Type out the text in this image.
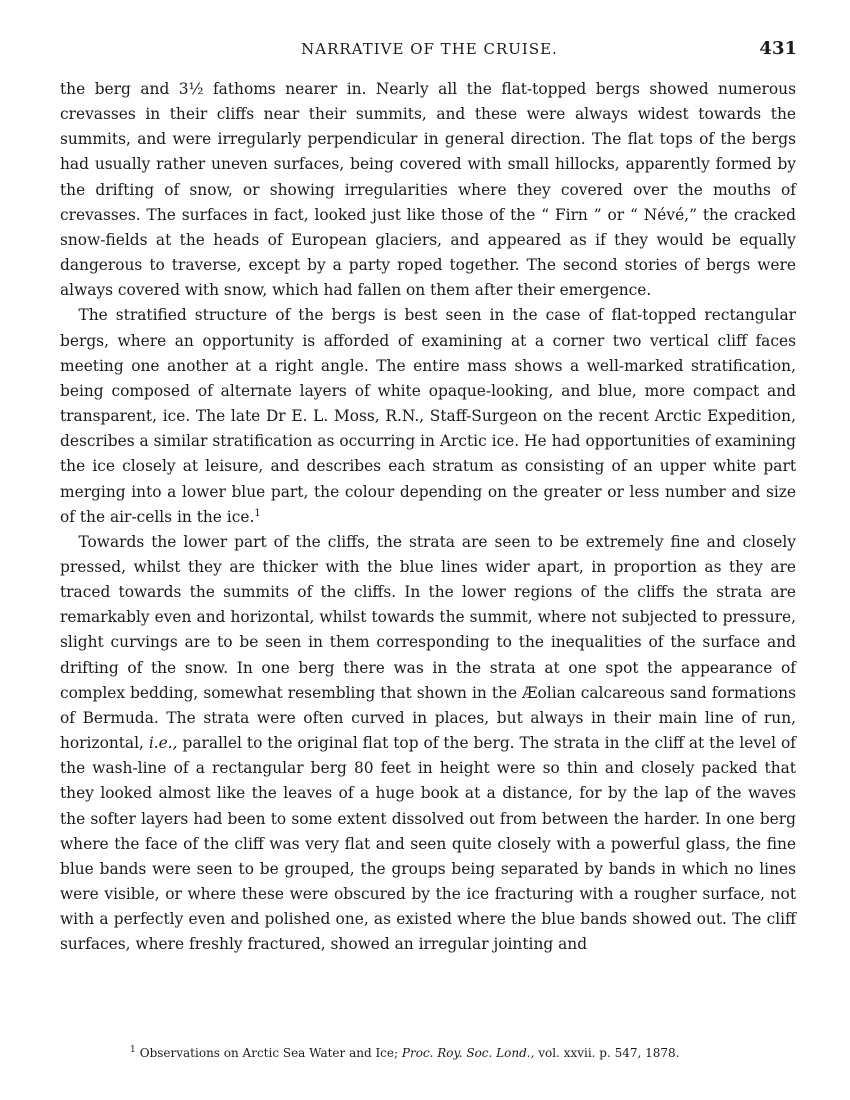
NARRATIVE OF THE CRUISE.	431

the berg and 3½ fathoms nearer in. Nearly all the flat-topped bergs showed numerous crevasses in their cliffs near their summits, and these were always widest towards the summits, and were irregularly perpendicular in general direction. The flat tops of the bergs had usually rather uneven surfaces, being covered with small hillocks, apparently formed by the drifting of snow, or showing irregularities where they covered over the mouths of crevasses. The surfaces in fact, looked just like those of the “ Firn ” or “ Névé,” the cracked snow-fields at the heads of European glaciers, and appeared as if they would be equally dangerous to traverse, except by a party roped together. The second stories of bergs were always covered with snow, which had fallen on them after their emergence.

The stratified structure of the bergs is best seen in the case of flat-topped rectangular bergs, where an opportunity is afforded of examining at a corner two vertical cliff faces meeting one another at a right angle. The entire mass shows a well-marked stratification, being composed of alternate layers of white opaque-looking, and blue, more compact and transparent, ice. The late Dr E. L. Moss, R.N., Staff-Surgeon on the recent Arctic Expedition, describes a similar stratification as occurring in Arctic ice. He had opportunities of examining the ice closely at leisure, and describes each stratum as consisting of an upper white part merging into a lower blue part, the colour depending on the greater or less number and size of the air-cells in the ice.$^1$

Towards the lower part of the cliffs, the strata are seen to be extremely fine and closely pressed, whilst they are thicker with the blue lines wider apart, in proportion as they are traced towards the summits of the cliffs. In the lower regions of the cliffs the strata are remarkably even and horizontal, whilst towards the summit, where not subjected to pressure, slight curvings are to be seen in them corresponding to the inequalities of the surface and drifting of the snow. In one berg there was in the strata at one spot the appearance of complex bedding, somewhat resembling that shown in the Æolian calcareous sand formations of Bermuda. The strata were often curved in places, but always in their main line of run, horizontal, i.e., parallel to the original flat top of the berg. The strata in the cliff at the level of the wash-line of a rectangular berg 80 feet in height were so thin and closely packed that they looked almost like the leaves of a huge book at a distance, for by the lap of the waves the softer layers had been to some extent dissolved out from between the harder. In one berg where the face of the cliff was very flat and seen quite closely with a powerful glass, the fine blue bands were seen to be grouped, the groups being separated by bands in which no lines were visible, or where these were obscured by the ice fracturing with a rougher surface, not with a perfectly even and polished one, as existed where the blue bands showed out. The cliff surfaces, where freshly fractured, showed an irregular jointing and

$^1$ Observations on Arctic Sea Water and Ice; Proc. Roy. Soc. Lond., vol. xxvii. p. 547, 1878.
